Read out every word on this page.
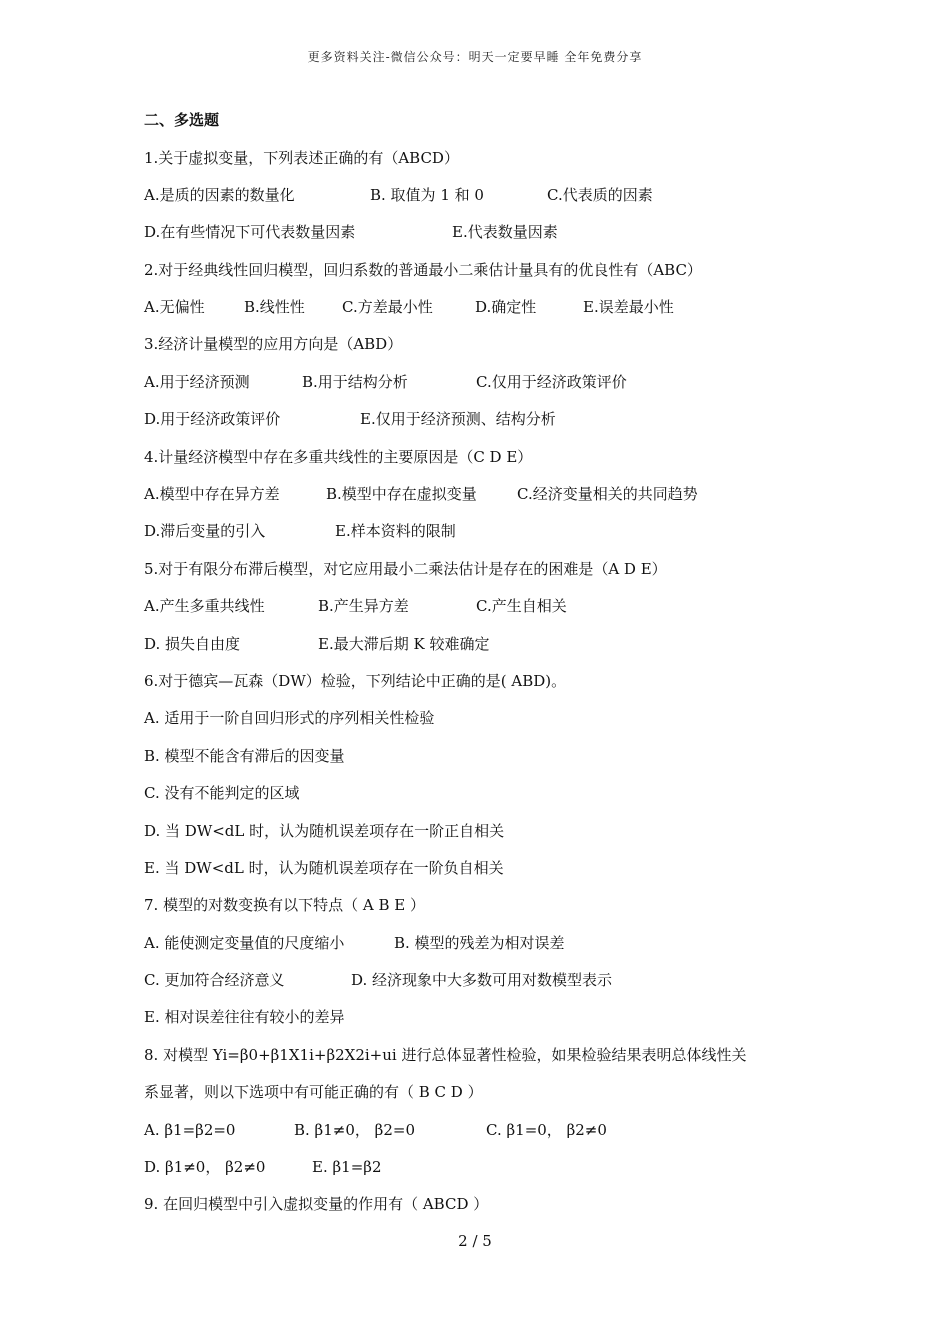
更多资料关注-微信公众号：明天一定要早睡 全年免费分享
二、多选题
1.关于虚拟变量，下列表述正确的有（ABCD）
A.是质的因素的数量化	B. 取值为 1 和 0	C.代表质的因素
D.在有些情况下可代表数量因素	E.代表数量因素
2.对于经典线性回归模型，回归系数的普通最小二乘估计量具有的优良性有（ABC）
A.无偏性	B.线性性 C.方差最小性	D.确定性	E.误差最小性
3.经济计量模型的应用方向是（ABD）
A.用于经济预测	B.用于结构分析	C.仅用于经济政策评价
D.用于经济政策评价	E.仅用于经济预测、结构分析
4.计量经济模型中存在多重共线性的主要原因是（C D E）
A.模型中存在异方差	B.模型中存在虚拟变量	C.经济变量相关的共同趋势
D.滞后变量的引入	E.样本资料的限制
5.对于有限分布滞后模型，对它应用最小二乘法估计是存在的困难是（A D E）
A.产生多重共线性	B.产生异方差	C.产生自相关
D. 损失自由度	E.最大滞后期 K 较难确定
6.对于德宾—瓦森（DW）检验，下列结论中正确的是( ABD)。
A. 适用于一阶自回归形式的序列相关性检验
B. 模型不能含有滞后的因变量
C. 没有不能判定的区域
D. 当 DW<dL 时，认为随机误差项存在一阶正自相关
E. 当 DW<dL 时，认为随机误差项存在一阶负自相关
7. 模型的对数变换有以下特点（ A B E ）
A. 能使测定变量值的尺度缩小	B. 模型的残差为相对误差
C. 更加符合经济意义	D. 经济现象中大多数可用对数模型表示
E. 相对误差往往有较小的差异
8. 对模型 Yi=β0+β1X1i+β2X2i+ui 进行总体显著性检验，如果检验结果表明总体线性关
系显著，则以下选项中有可能正确的有（ B C D ）
A. β1=β2=0	B. β1≠0， β2=0	C. β1=0， β2≠0
D. β1≠0， β2≠0	E. β1=β2
9. 在回归模型中引入虚拟变量的作用有（ ABCD ）
2 / 5
